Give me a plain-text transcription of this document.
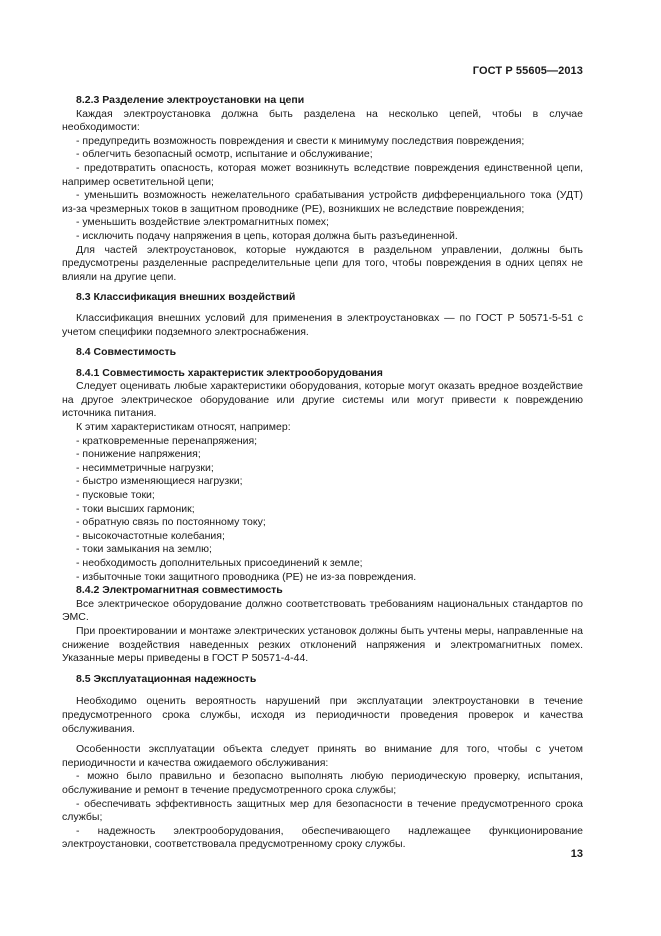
ГОСТ Р 55605—2013

8.2.3 Разделение электроустановки на цепи

Каждая электроустановка должна быть разделена на несколько цепей, чтобы в случае необходимости:

- предупредить возможность повреждения и свести к минимуму последствия повреждения;

- облегчить безопасный осмотр, испытание и обслуживание;

- предотвратить опасность, которая может возникнуть вследствие повреждения единственной цепи, например осветительной цепи;

- уменьшить возможность нежелательного срабатывания устройств дифференциального тока (УДТ) из-за чрезмерных токов в защитном проводнике (РЕ), возникших не вследствие повреждения;

- уменьшить воздействие электромагнитных помех;

- исключить подачу напряжения в цепь, которая должна быть разъединенной.

Для частей электроустановок, которые нуждаются в раздельном управлении, должны быть предусмотрены разделенные распределительные цепи для того, чтобы повреждения в одних цепях не влияли на другие цепи.

8.3 Классификация внешних воздействий

Классификация внешних условий для применения в электроустановках — по ГОСТ Р 50571-5-51 с учетом специфики подземного электроснабжения.

8.4 Совместимость

8.4.1 Совместимость характеристик электрооборудования

Следует оценивать любые характеристики оборудования, которые могут оказать вредное воздействие на другое электрическое оборудование или другие системы или могут привести к повреждению источника питания.

К этим характеристикам относят, например:

- кратковременные перенапряжения;

- понижение напряжения;

- несимметричные нагрузки;

- быстро изменяющиеся нагрузки;

- пусковые токи;

- токи высших гармоник;

- обратную связь по постоянному току;

- высокочастотные колебания;

- токи замыкания на землю;

- необходимость дополнительных присоединений к земле;

- избыточные токи защитного проводника (РЕ) не из-за повреждения.

8.4.2 Электромагнитная совместимость

Все электрическое оборудование должно соответствовать требованиям национальных стандартов по ЭМС.

При проектировании и монтаже электрических установок должны быть учтены меры, направленные на снижение воздействия наведенных резких отклонений напряжения и электромагнитных помех. Указанные меры приведены в ГОСТ Р 50571-4-44.

8.5 Эксплуатационная надежность

Необходимо оценить вероятность нарушений при эксплуатации электроустановки в течение предусмотренного срока службы, исходя из периодичности проведения проверок и качества обслуживания.

Особенности эксплуатации объекта следует принять во внимание для того, чтобы с учетом периодичности и качества ожидаемого обслуживания:

- можно было правильно и безопасно выполнять любую периодическую проверку, испытания, обслуживание и ремонт в течение предусмотренного срока службы;

- обеспечивать эффективность защитных мер для безопасности в течение предусмотренного срока службы;

- надежность электрооборудования, обеспечивающего надлежащее функционирование электроустановки, соответствовала предусмотренному сроку службы.

13
